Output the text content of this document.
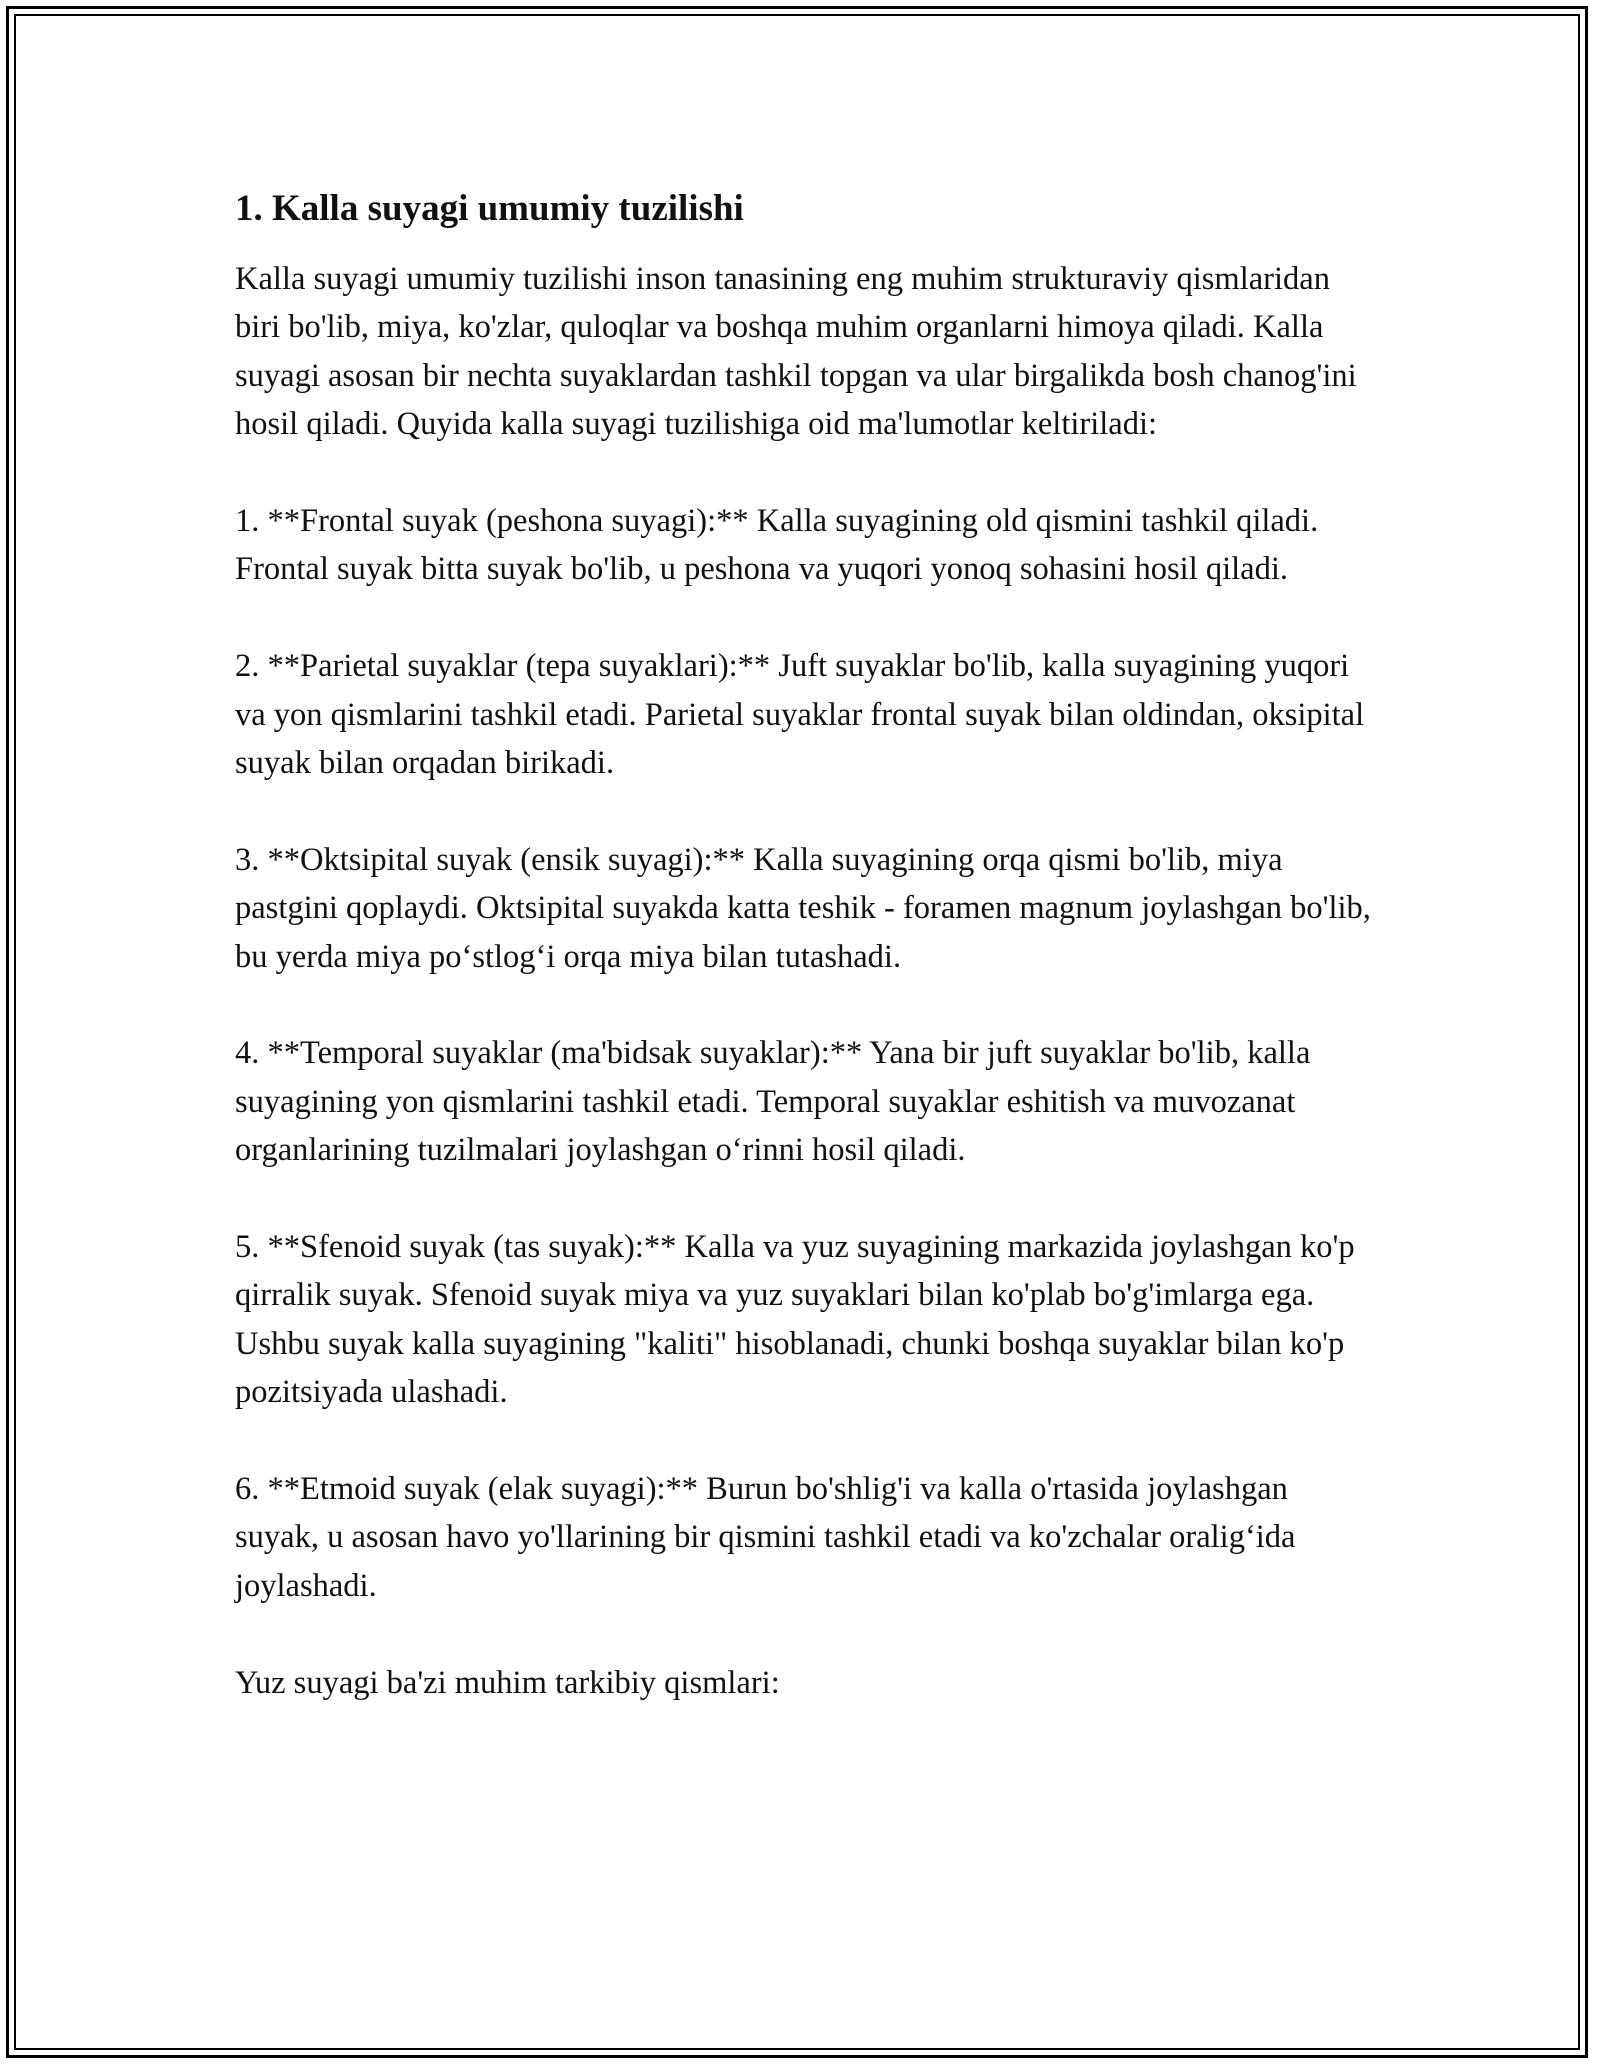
1. Kalla suyagi umumiy tuzilishi

Kalla suyagi umumiy tuzilishi inson tanasining eng muhim strukturaviy qismlaridan biri bo'lib, miya, ko'zlar, quloqlar va boshqa muhim organlarni himoya qiladi. Kalla suyagi asosan bir nechta suyaklardan tashkil topgan va ular birgalikda bosh chanog'ini hosil qiladi. Quyida kalla suyagi tuzilishiga oid ma'lumotlar keltiriladi:

1. **Frontal suyak (peshona suyagi):** Kalla suyagining old qismini tashkil qiladi. Frontal suyak bitta suyak bo'lib, u peshona va yuqori yonoq sohasini hosil qiladi.

2. **Parietal suyaklar (tepa suyaklari):** Juft suyaklar bo'lib, kalla suyagining yuqori va yon qismlarini tashkil etadi. Parietal suyaklar frontal suyak bilan oldindan, oksipital suyak bilan orqadan birikadi.

3. **Oktsipital suyak (ensik suyagi):** Kalla suyagining orqa qismi bo'lib, miya pastgini qoplaydi. Oktsipital suyakda katta teshik - foramen magnum joylashgan bo'lib, bu yerda miya po‘stlog‘i orqa miya bilan tutashadi.

4. **Temporal suyaklar (ma'bidsak suyaklar):** Yana bir juft suyaklar bo'lib, kalla suyagining yon qismlarini tashkil etadi. Temporal suyaklar eshitish va muvozanat organlarining tuzilmalari joylashgan o‘rinni hosil qiladi.

5. **Sfenoid suyak (tas suyak):** Kalla va yuz suyagining markazida joylashgan ko'p qirralik suyak. Sfenoid suyak miya va yuz suyaklari bilan ko'plab bo'g'imlarga ega. Ushbu suyak kalla suyagining "kaliti" hisoblanadi, chunki boshqa suyaklar bilan ko'p pozitsiyada ulashadi.

6. **Etmoid suyak (elak suyagi):** Burun bo'shlig'i va kalla o'rtasida joylashgan suyak, u asosan havo yo'llarining bir qismini tashkil etadi va ko'zchalar oralig‘ida joylashadi.

Yuz suyagi ba'zi muhim tarkibiy qismlari:
